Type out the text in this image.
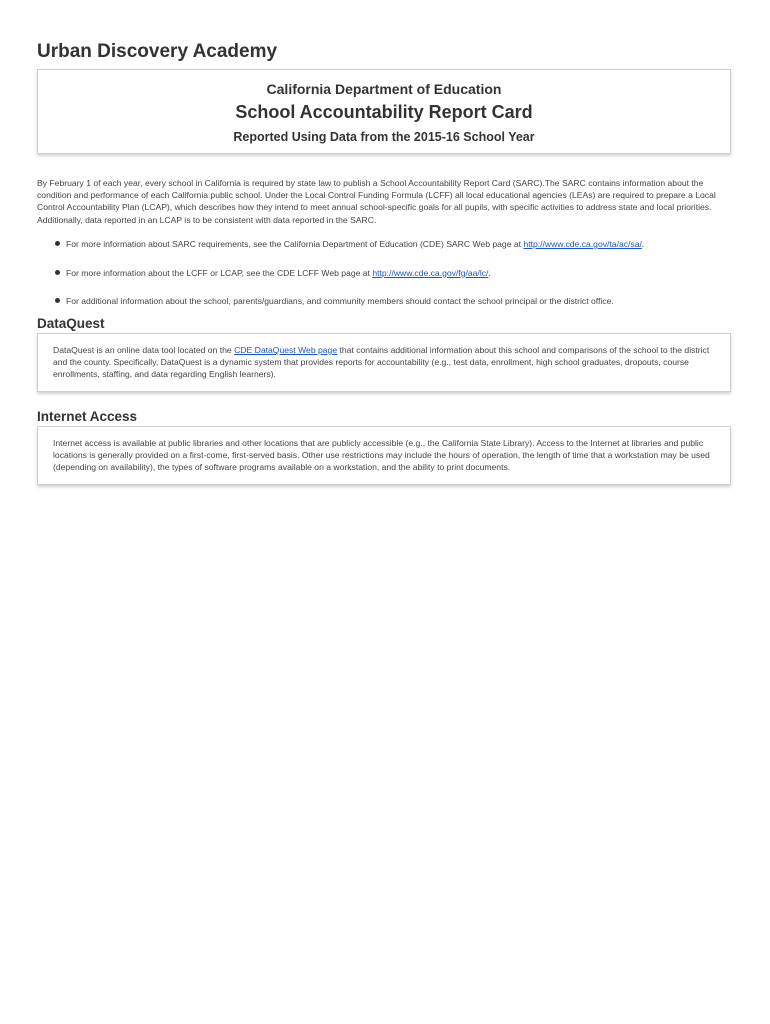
Urban Discovery Academy
California Department of Education
School Accountability Report Card
Reported Using Data from the 2015-16 School Year

By February 1 of each year, every school in California is required by state law to publish a School Accountability Report Card (SARC).The SARC contains information about the condition and performance of each California public school. Under the Local Control Funding Formula (LCFF) all local educational agencies (LEAs) are required to prepare a Local Control Accountability Plan (LCAP), which describes how they intend to meet annual school-specific goals for all pupils, with specific activities to address state and local priorities. Additionally, data reported in an LCAP is to be consistent with data reported in the SARC.

For more information about SARC requirements, see the California Department of Education (CDE) SARC Web page at http://www.cde.ca.gov/ta/ac/sa/.
For more information about the LCFF or LCAP, see the CDE LCFF Web page at http://www.cde.ca.gov/fg/aa/lc/.
For additional information about the school, parents/guardians, and community members should contact the school principal or the district office.
DataQuest

DataQuest is an online data tool located on the CDE DataQuest Web page that contains additional information about this school and comparisons of the school to the district and the county. Specifically, DataQuest is a dynamic system that provides reports for accountability (e.g., test data, enrollment, high school graduates, dropouts, course enrollments, staffing, and data regarding English learners).

Internet Access

Internet access is available at public libraries and other locations that are publicly accessible (e.g., the California State Library). Access to the Internet at libraries and public locations is generally provided on a first-come, first-served basis. Other use restrictions may include the hours of operation, the length of time that a workstation may be used (depending on availability), the types of software programs available on a workstation, and the ability to print documents.
